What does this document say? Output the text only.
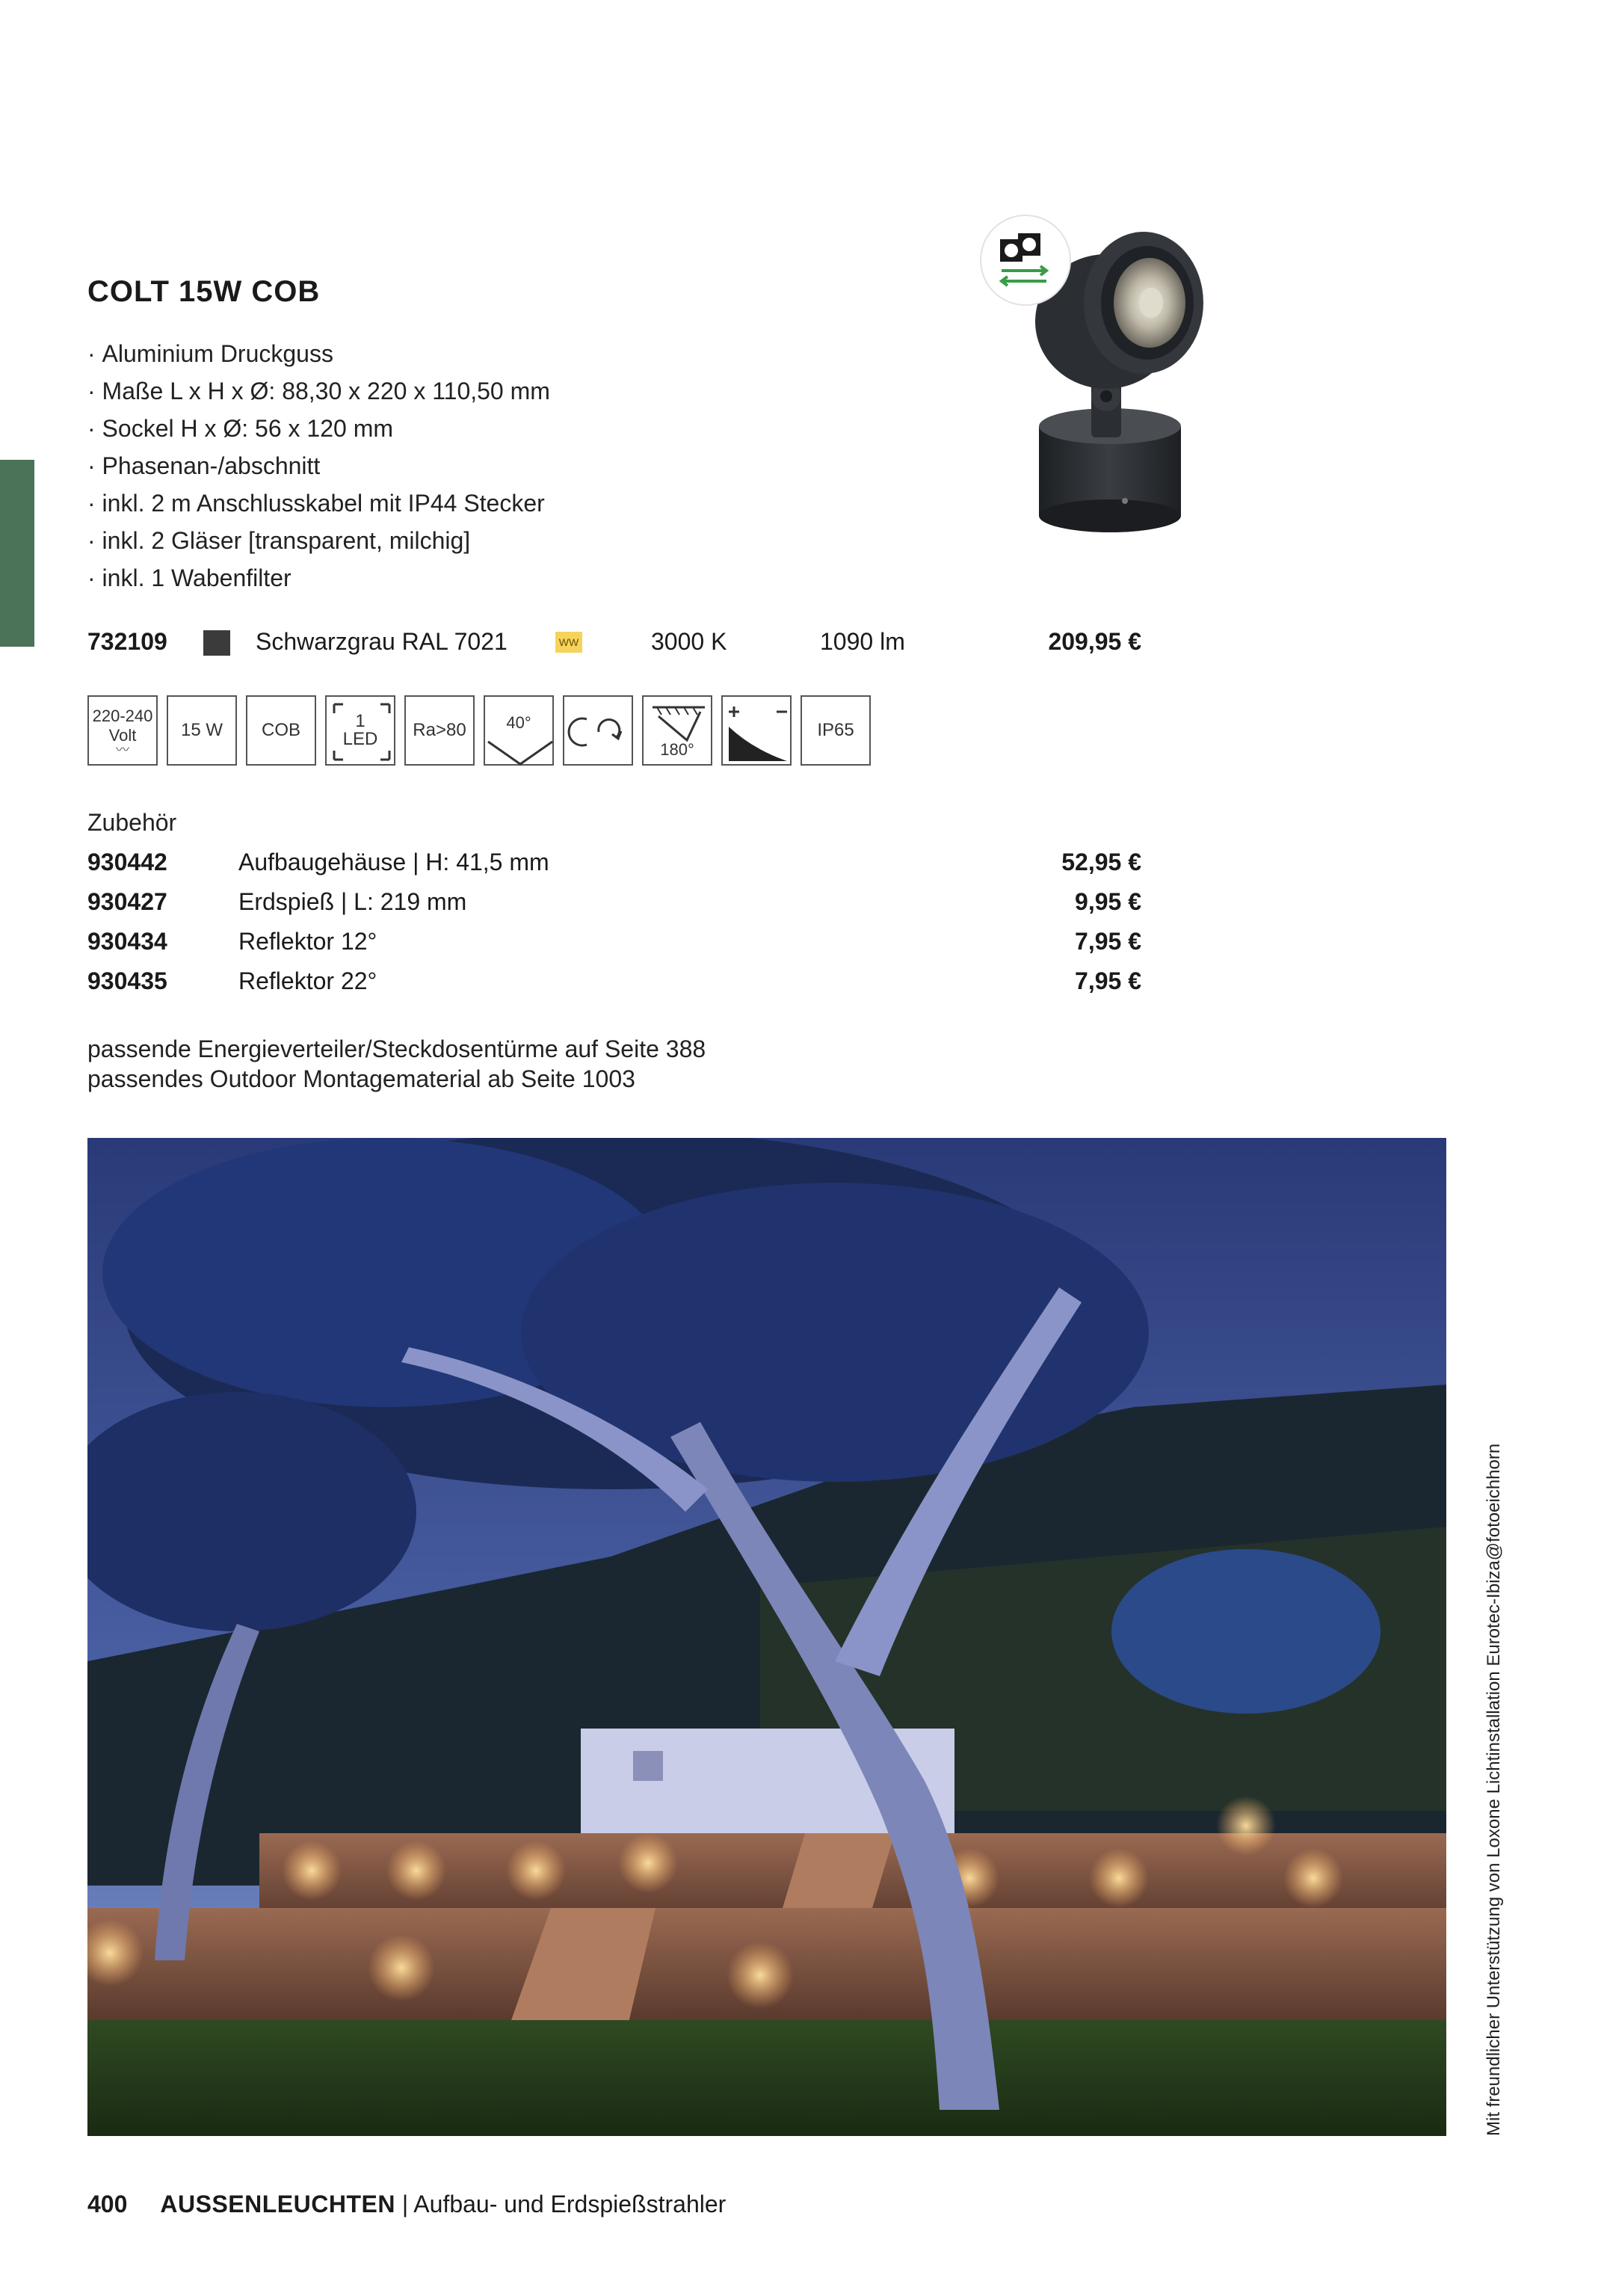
COLT 15W COB
· Aluminium Druckguss
· Maße L x H x Ø: 88,30 x 220 x 110,50 mm
· Sockel H x Ø: 56 x 120 mm
· Phasenan-/abschnitt
· inkl. 2 m Anschlusskabel mit IP44 Stecker
· inkl. 2 Gläser [transparent, milchig]
· inkl. 1 Wabenfilter
732109	Schwarzgrau RAL 7021	WW	3000 K	1090 lm	209,95 €
220-240
Volt
〰
15 W COB	1
LED Ra>80 40°
180°
IP65
Zubehör
930442	Aufbaugehäuse | H: 41,5 mm	52,95 €
930427	Erdspieß | L: 219 mm	9,95 €
930434	Reflektor 12°	7,95 €
930435	Reflektor 22°	7,95 €
passende Energieverteiler/Steckdosentürme auf Seite 388
passendes Outdoor Montagematerial ab Seite 1003
Mit freundlicher Unterstützung von Loxone Lichtinstallation Eurotec-Ibiza@fotoeichhorn
400 AUSSENLEUCHTEN | Aufbau- und Erdspießstrahler
